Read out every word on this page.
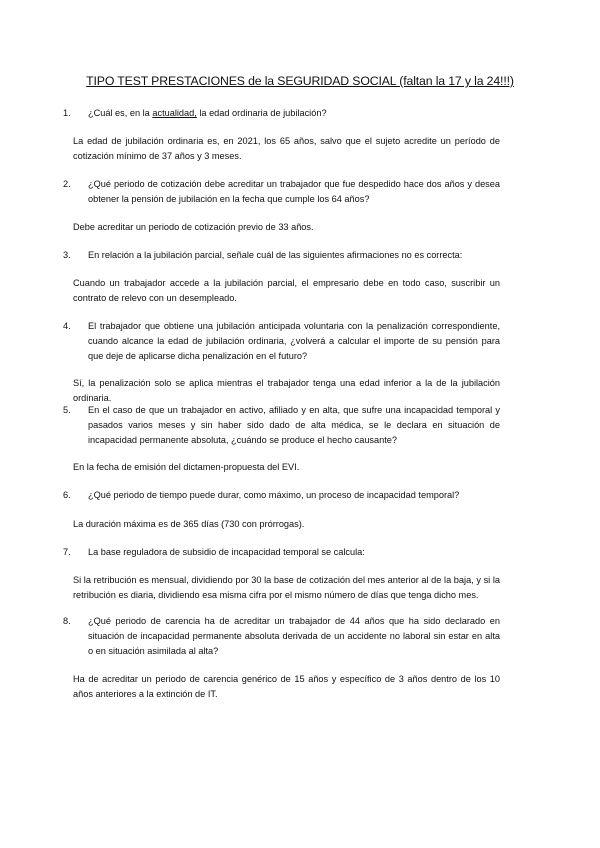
TIPO TEST PRESTACIONES de la SEGURIDAD SOCIAL (faltan la 17 y la 24!!!)
1. ¿Cuál es, en la actualidad, la edad ordinaria de jubilación?
La edad de jubilación ordinaria es, en 2021, los 65 años, salvo que el sujeto acredite un período de cotización mínimo de 37 años y 3 meses.
2. ¿Qué periodo de cotización debe acreditar un trabajador que fue despedido hace dos años y desea obtener la pensión de jubilación en la fecha que cumple los 64 años?
Debe acreditar un periodo de cotización previo de 33 años.
3. En relación a la jubilación parcial, señale cuál de las siguientes afirmaciones no es correcta:
Cuando un trabajador accede a la jubilación parcial, el empresario debe en todo caso, suscribir un contrato de relevo con un desempleado.
4. El trabajador que obtiene una jubilación anticipada voluntaria con la penalización correspondiente, cuando alcance la edad de jubilación ordinaria, ¿volverá a calcular el importe de su pensión para que deje de aplicarse dicha penalización en el futuro?
Sí, la penalización solo se aplica mientras el trabajador tenga una edad inferior a la de la jubilación ordinaria.
5. En el caso de que un trabajador en activo, afiliado y en alta, que sufre una incapacidad temporal y pasados varios meses y sin haber sido dado de alta médica, se le declara en situación de incapacidad permanente absoluta, ¿cuándo se produce el hecho causante?
En la fecha de emisión del dictamen-propuesta del EVI.
6. ¿Qué periodo de tiempo puede durar, como máximo, un proceso de incapacidad temporal?
La duración máxima es de 365 días (730 con prórrogas).
7. La base reguladora de subsidio de incapacidad temporal se calcula:
Si la retribución es mensual, dividiendo por 30 la base de cotización del mes anterior al de la baja, y si la retribución es diaria, dividiendo esa misma cifra por el mismo número de días que tenga dicho mes.
8. ¿Qué periodo de carencia ha de acreditar un trabajador de 44 años que ha sido declarado en situación de incapacidad permanente absoluta derivada de un accidente no laboral sin estar en alta o en situación asimilada al alta?
Ha de acreditar un periodo de carencia genérico de 15 años y específico de 3 años dentro de los 10 años anteriores a la extinción de IT.
